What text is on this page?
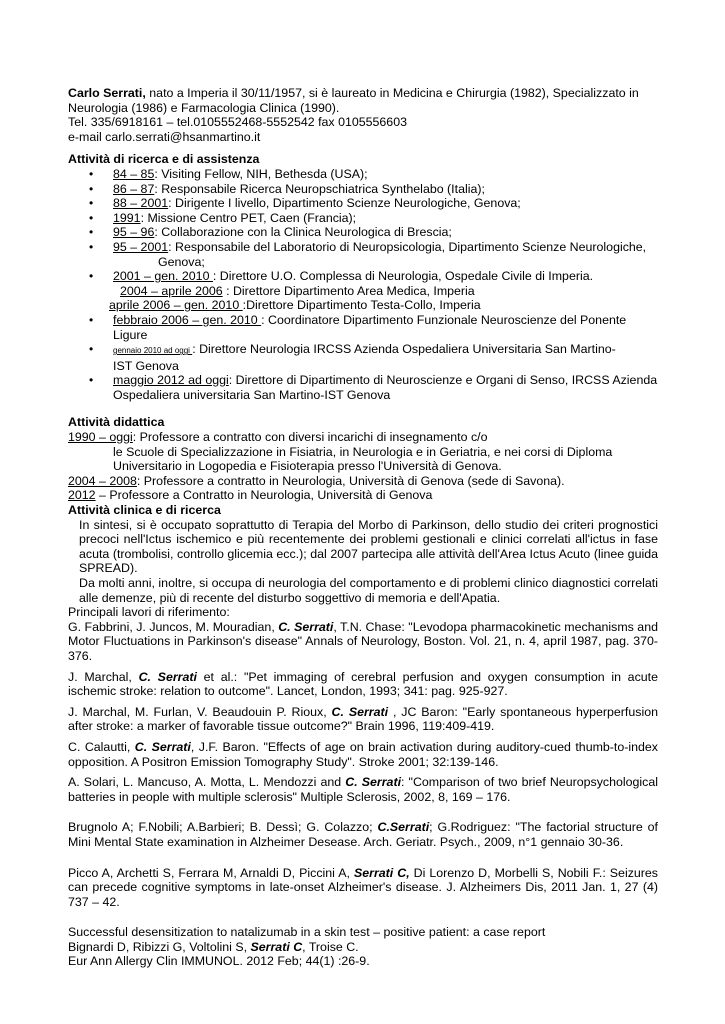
Carlo Serrati, nato a Imperia il 30/11/1957, si è laureato in Medicina e Chirurgia (1982), Specializzato in Neurologia (1986) e Farmacologia Clinica (1990).

Tel. 335/6918161 – tel.0105552468-5552542 fax 0105556603

e-mail carlo.serrati@hsanmartino.it

Attività di ricerca e di assistenza

• 84 – 85: Visiting Fellow, NIH, Bethesda (USA);
• 86 – 87: Responsabile Ricerca Neuropschiatrica Synthelabo (Italia);
• 88 – 2001: Dirigente I livello, Dipartimento Scienze Neurologiche, Genova;
• 1991: Missione Centro PET, Caen (Francia);
• 95 – 96: Collaborazione con la Clinica Neurologica di Brescia;
• 95 – 2001: Responsabile del Laboratorio di Neuropsicologia, Dipartimento Scienze Neurologiche,
Genova;
• 2001 – gen. 2010 : Direttore U.O. Complessa di Neurologia, Ospedale Civile di Imperia.
2004 – aprile 2006 : Direttore Dipartimento Area Medica, Imperia
aprile 2006 – gen. 2010 :Direttore Dipartimento Testa-Collo, Imperia
• febbraio 2006 – gen. 2010 : Coordinatore Dipartimento Funzionale Neuroscienze del Ponente Ligure
• gennaio 2010 ad oggi : Direttore Neurologia IRCSS Azienda Ospedaliera Universitaria San Martino-
IST Genova
• maggio 2012 ad oggi: Direttore di Dipartimento di Neuroscienze e Organi di Senso, IRCSS Azienda
Ospedaliera universitaria San Martino-IST Genova

Attività didattica

1990 – oggi: Professore a contratto con diversi incarichi di insegnamento c/o

le Scuole di Specializzazione in Fisiatria, in Neurologia e in Geriatria, e nei corsi di Diploma Universitario in Logopedia e Fisioterapia presso l'Università di Genova.

2004 – 2008: Professore a contratto in Neurologia, Università di Genova (sede di Savona).

2012 – Professore a Contratto in Neurologia, Università di Genova

Attività clinica e di ricerca

In sintesi, si è occupato soprattutto di Terapia del Morbo di Parkinson, dello studio dei criteri prognostici precoci nell'Ictus ischemico e più recentemente dei problemi gestionali e clinici correlati all'ictus in fase acuta (trombolisi, controllo glicemia ecc.); dal 2007 partecipa alle attività dell'Area Ictus Acuto (linee guida SPREAD).

Da molti anni, inoltre, si occupa di neurologia del comportamento e di problemi clinico diagnostici correlati alle demenze, più di recente del disturbo soggettivo di memoria e dell'Apatia.

Principali lavori di riferimento:

G. Fabbrini, J. Juncos, M. Mouradian, C. Serrati, T.N. Chase: "Levodopa pharmacokinetic mechanisms and Motor Fluctuations in Parkinson's disease" Annals of Neurology, Boston. Vol. 21, n. 4, april 1987, pag. 370-376.

J. Marchal, C. Serrati et al.: "Pet immaging of cerebral perfusion and oxygen consumption in acute ischemic stroke: relation to outcome". Lancet, London, 1993; 341: pag. 925-927.

J. Marchal, M. Furlan, V. Beaudouin P. Rioux, C. Serrati , JC Baron: "Early spontaneous hyperperfusion after stroke: a marker of favorable tissue outcome?" Brain 1996, 119:409-419.

C. Calautti, C. Serrati, J.F. Baron. "Effects of age on brain activation during auditory-cued thumb-to-index opposition. A Positron Emission Tomography Study". Stroke 2001; 32:139-146.

A. Solari, L. Mancuso, A. Motta, L. Mendozzi and C. Serrati: "Comparison of two brief Neuropsychological batteries in people with multiple sclerosis" Multiple Sclerosis, 2002, 8, 169 – 176.

Brugnolo A; F.Nobili; A.Barbieri; B. Dessì; G. Colazzo; C.Serrati; G.Rodriguez: "The factorial structure of Mini Mental State examination in Alzheimer Desease. Arch. Geriatr. Psych., 2009, n°1 gennaio 30-36.

Picco A, Archetti S, Ferrara M, Arnaldi D, Piccini A, Serrati C, Di Lorenzo D, Morbelli S, Nobili F.: Seizures can precede cognitive symptoms in late-onset Alzheimer's disease. J. Alzheimers Dis, 2011 Jan. 1, 27 (4) 737 – 42.

Successful desensitization to natalizumab in a skin test – positive patient: a case report

Bignardi D, Ribizzi G, Voltolini S, Serrati C, Troise C.

Eur Ann Allergy Clin IMMUNOL. 2012 Feb; 44(1) :26-9.
